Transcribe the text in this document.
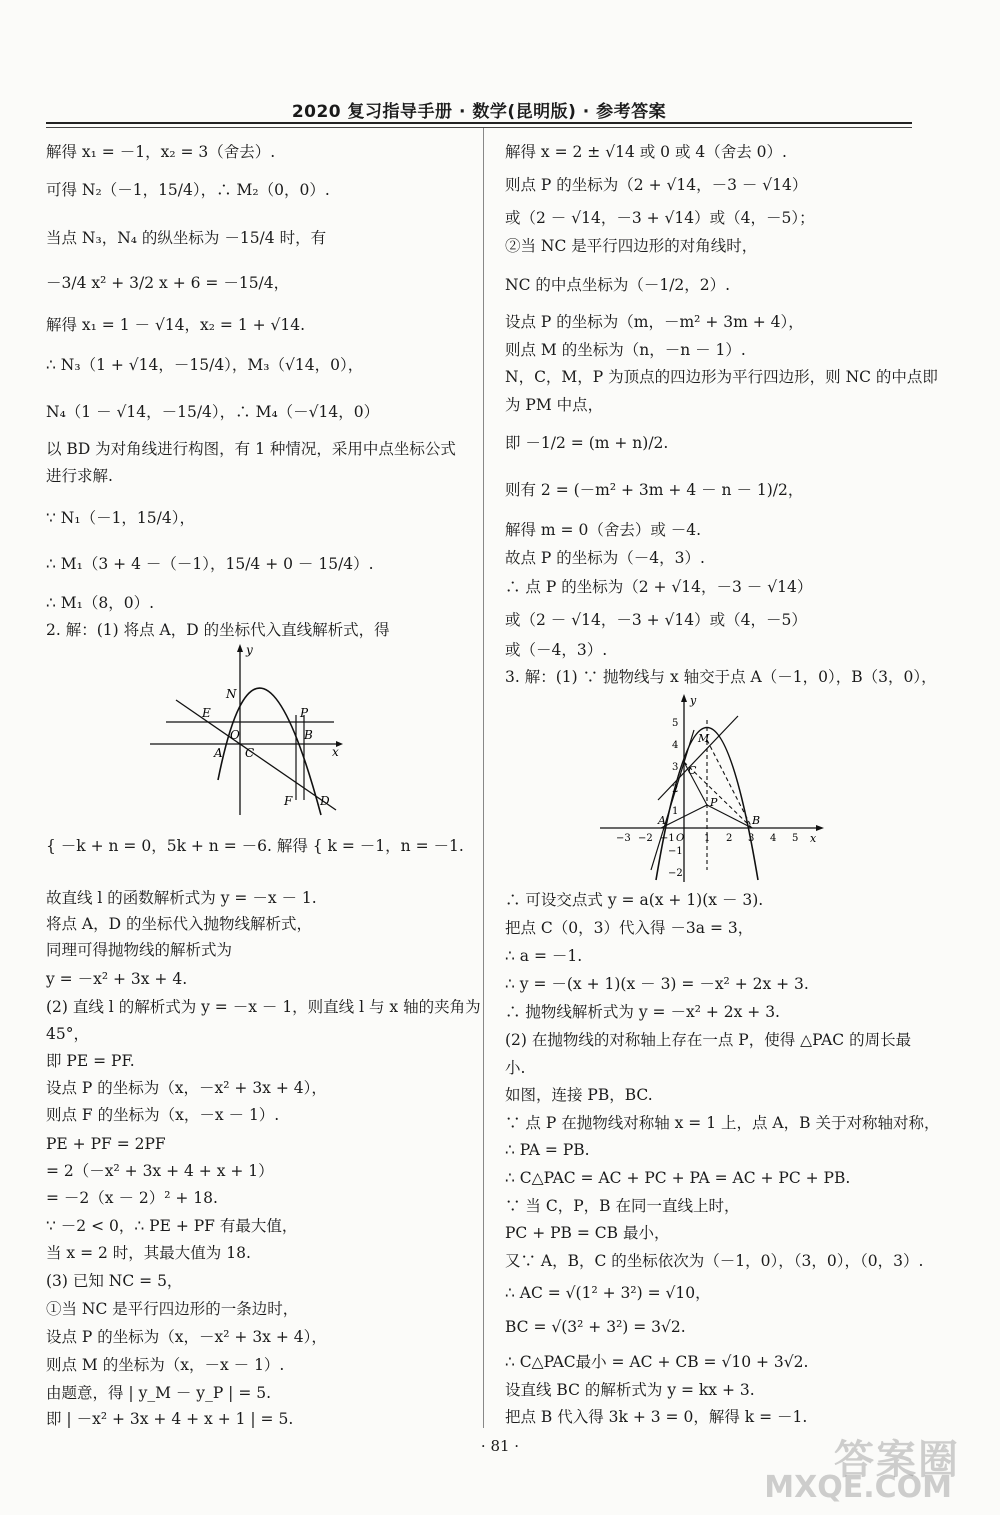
2020 复习指导手册 · 数学(昆明版) · 参考答案
解得 x₁ = －1，x₂ = 3（舍去）.
可得 N₂（－1，15/4），∴ M₂（0，0）.
当点 N₃，N₄ 的纵坐标为 －15/4 时，有
－3/4 x² + 3/2 x + 6 = －15/4，
解得 x₁ = 1 － √14，x₂ = 1 + √14.
∴ N₃（1 + √14，－15/4），M₃（√14，0），
N₄（1 － √14，－15/4），∴ M₄（－√14，0）
以 BD 为对角线进行构图，有 1 种情况，采用中点坐标公式
进行求解.
∵ N₁（－1，15/4），
∴ M₁（3 + 4 －（－1），15/4 + 0 － 15/4）.
∴ M₁（8，0）.
2. 解：(1) 将点 A，D 的坐标代入直线解析式，得
{ －k + n = 0，5k + n = －6. 解得 { k = －1，n = －1.
故直线 l 的函数解析式为 y = －x － 1.
将点 A，D 的坐标代入抛物线解析式，
同理可得抛物线的解析式为
y = －x² + 3x + 4.
(2) 直线 l 的解析式为 y = －x － 1，则直线 l 与 x 轴的夹角为
45°，
即 PE = PF.
设点 P 的坐标为（x，－x² + 3x + 4），
则点 F 的坐标为（x，－x － 1）.
PE + PF = 2PF
= 2（－x² + 3x + 4 + x + 1）
= －2（x － 2）² + 18.
∵ －2 < 0，∴ PE + PF 有最大值，
当 x = 2 时，其最大值为 18.
(3) 已知 NC = 5，
①当 NC 是平行四边形的一条边时，
设点 P 的坐标为（x，－x² + 3x + 4），
则点 M 的坐标为（x，－x － 1）.
由题意，得 | y_M － y_P | = 5.
即 | －x² + 3x + 4 + x + 1 | = 5.
y
x
N
E	P
O
A C
B
F D
解得 x = 2 ± √14 或 0 或 4（舍去 0）.
则点 P 的坐标为（2 + √14，－3 － √14）
或（2 － √14，－3 + √14）或（4，－5）；
②当 NC 是平行四边形的对角线时，
NC 的中点坐标为（－1/2，2）.
设点 P 的坐标为（m，－m² + 3m + 4），
则点 M 的坐标为（n，－n － 1）.
N，C，M，P 为顶点的四边形为平行四边形，则 NC 的中点即
为 PM 中点，
即 －1/2 = (m + n)/2.
则有 2 = (－m² + 3m + 4 － n － 1)/2，
解得 m = 0（舍去）或 －4.
故点 P 的坐标为（－4，3）.
∴ 点 P 的坐标为（2 + √14，－3 － √14）
或（2 － √14，－3 + √14）或（4，－5）
或（－4，3）.
3. 解：(1) ∵ 抛物线与 x 轴交于点 A（－1，0），B（3，0），
∴ 可设交点式 y = a(x + 1)(x － 3).
把点 C（0，3）代入得 －3a = 3，
∴ a = －1.
∴ y = －(x + 1)(x － 3) = －x² + 2x + 3.
∴ 抛物线解析式为 y = －x² + 2x + 3.
(2) 在抛物线的对称轴上存在一点 P，使得 △PAC 的周长最
小.
如图，连接 PB，BC.
∵ 点 P 在抛物线对称轴 x = 1 上，点 A，B 关于对称轴对称，
∴ PA = PB.
∴ C△PAC = AC + PC + PA = AC + PC + PB.
∵ 当 C，P，B 在同一直线上时，
PC + PB = CB 最小，
又∵ A，B，C 的坐标依次为（－1，0），（3，0），（0，3）.
∴ AC = √(1² + 3²) = √10，
BC = √(3² + 3²) = 3√2.
∴ C△PAC最小 = AC + CB = √10 + 3√2.
设直线 BC 的解析式为 y = kx + 3.
把点 B 代入得 3k + 3 = 0，解得 k = －1.
y
x
M
C
P
A	B
O
5
4
3
2
1
−1
−2
−3 −2 −1	1 2 3 4 5
· 81 ·	答案圈
MXQE.COM
